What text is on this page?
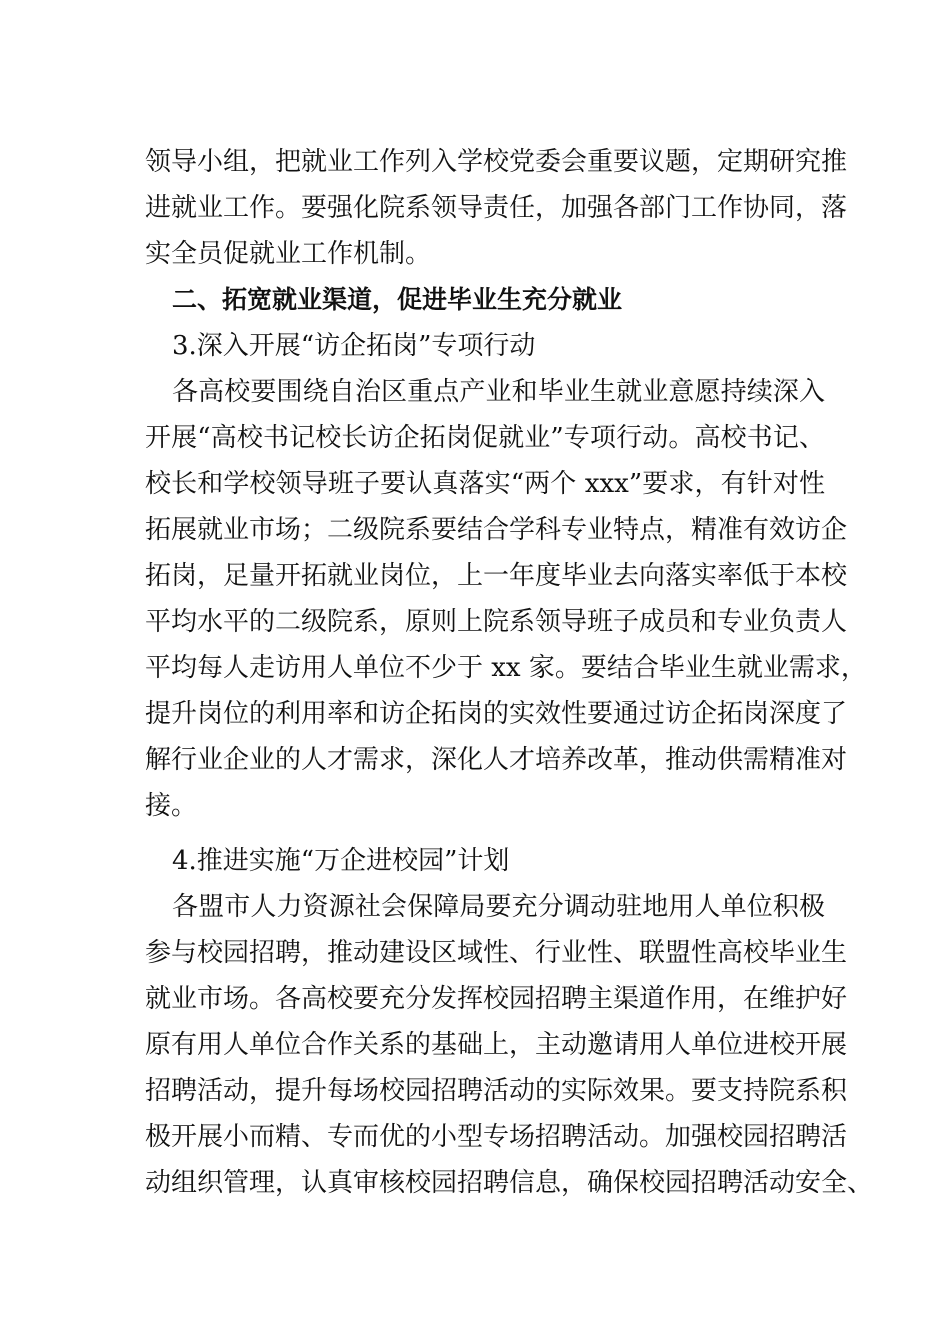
领导小组，把就业工作列入学校党委会重要议题，定期研究推
进就业工作。要强化院系领导责任，加强各部门工作协同，落
实全员促就业工作机制。
二、拓宽就业渠道，促进毕业生充分就业
3.深入开展“访企拓岗”专项行动
各高校要围绕自治区重点产业和毕业生就业意愿持续深入
开展“高校书记校长访企拓岗促就业”专项行动。高校书记、
校长和学校领导班子要认真落实“两个 xxx”要求，有针对性
拓展就业市场；二级院系要结合学科专业特点，精准有效访企
拓岗，足量开拓就业岗位，上一年度毕业去向落实率低于本校
平均水平的二级院系，原则上院系领导班子成员和专业负责人
平均每人走访用人单位不少于 xx 家。要结合毕业生就业需求，
提升岗位的利用率和访企拓岗的实效性要通过访企拓岗深度了
解行业企业的人才需求，深化人才培养改革，推动供需精准对
接。
4.推进实施“万企进校园”计划
各盟市人力资源社会保障局要充分调动驻地用人单位积极
参与校园招聘，推动建设区域性、行业性、联盟性高校毕业生
就业市场。各高校要充分发挥校园招聘主渠道作用，在维护好
原有用人单位合作关系的基础上，主动邀请用人单位进校开展
招聘活动，提升每场校园招聘活动的实际效果。要支持院系积
极开展小而精、专而优的小型专场招聘活动。加强校园招聘活
动组织管理，认真审核校园招聘信息，确保校园招聘活动安全、
